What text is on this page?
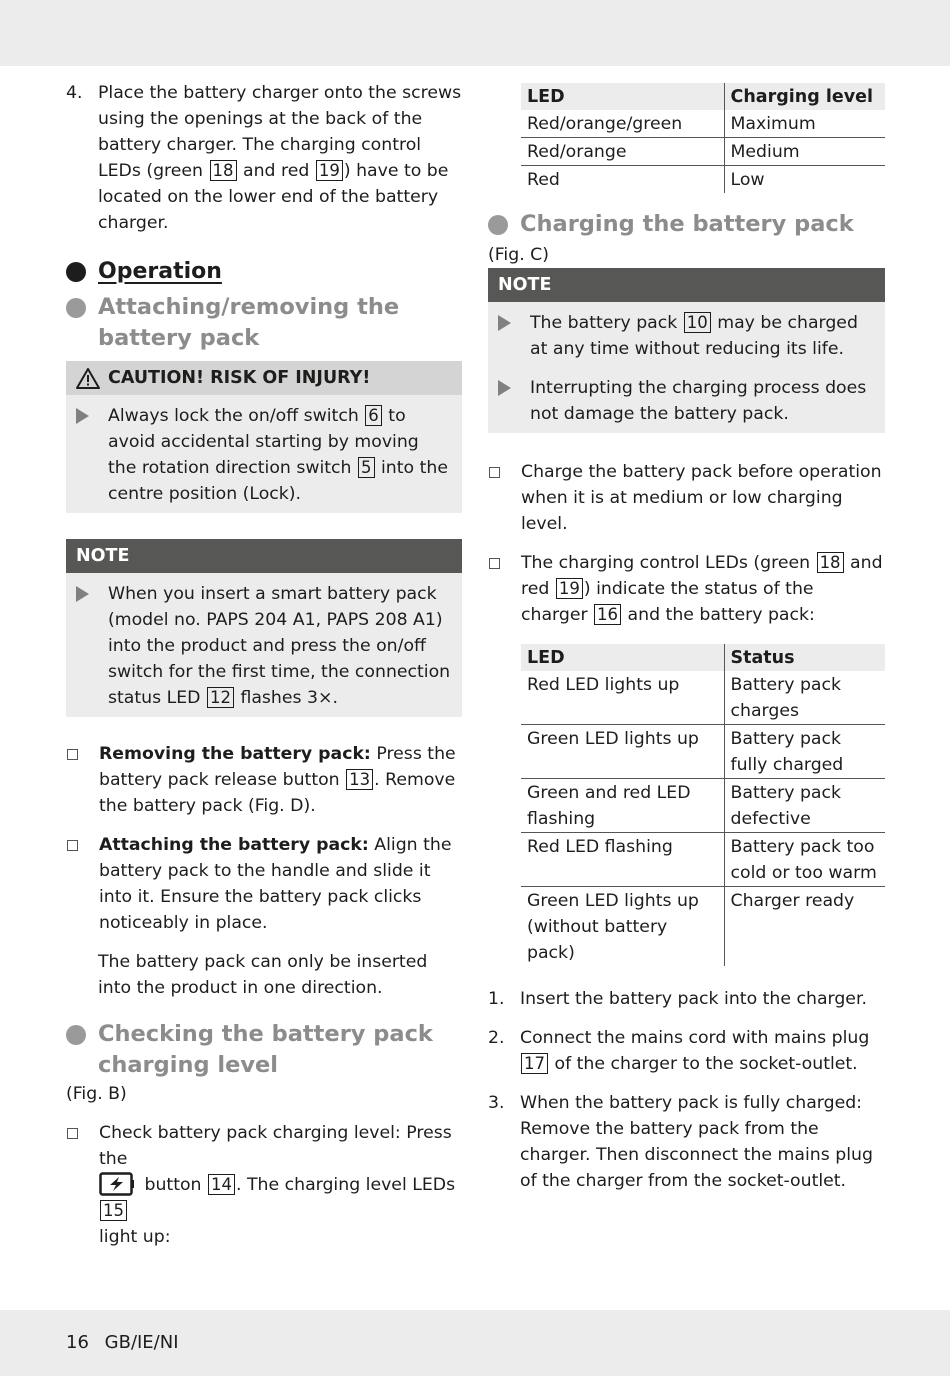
4. Place the battery charger onto the screws using the openings at the back of the battery charger. The charging control LEDs (green 18 and red 19 ) have to be located on the lower end of the battery charger.
Operation
Attaching/removing the
battery pack
CAUTION! RISK OF INJURY!
Always lock the on/off switch 6 to avoid accidental starting by moving the rotation direction switch 5 into the centre position (Lock).
NOTE
When you insert a smart battery pack (model no. PAPS 204 A1, PAPS 208 A1) into the product and press the on/off switch for the first time, the connection status LED 12 flashes 3×.
Removing the battery pack: Press the battery pack release button 13 . Remove the battery pack (Fig. D).
Attaching the battery pack: Align the battery pack to the handle and slide it into it. Ensure the battery pack clicks noticeably in place.
The battery pack can only be inserted into the product in one direction.
Checking the battery pack
charging level
(Fig. B)
Check battery pack charging level: Press the
button 14 . The charging level LEDs 15
light up:
LED	Charging level
Red/orange/green	Maximum
Red/orange	Medium
Red	Low
Charging the battery pack
(Fig. C)
NOTE
The battery pack 10 may be charged at any time without reducing its life.
Interrupting the charging process does not damage the battery pack.
Charge the battery pack before operation when it is at medium or low charging level.
The charging control LEDs (green 18 and red 19 ) indicate the status of the charger 16 and the battery pack:
LED	Status
Red LED lights up	Battery pack charges
Green LED lights up	Battery pack fully charged
Green and red LED flashing	Battery pack defective
Red LED flashing	Battery pack too cold or too warm
Green LED lights up (without battery pack)	Charger ready
1. Insert the battery pack into the charger.
2. Connect the mains cord with mains plug 17 of the charger to the socket-outlet.
3. When the battery pack is fully charged: Remove the battery pack from the charger. Then disconnect the mains plug of the charger from the socket-outlet.
16 GB/IE/NI
